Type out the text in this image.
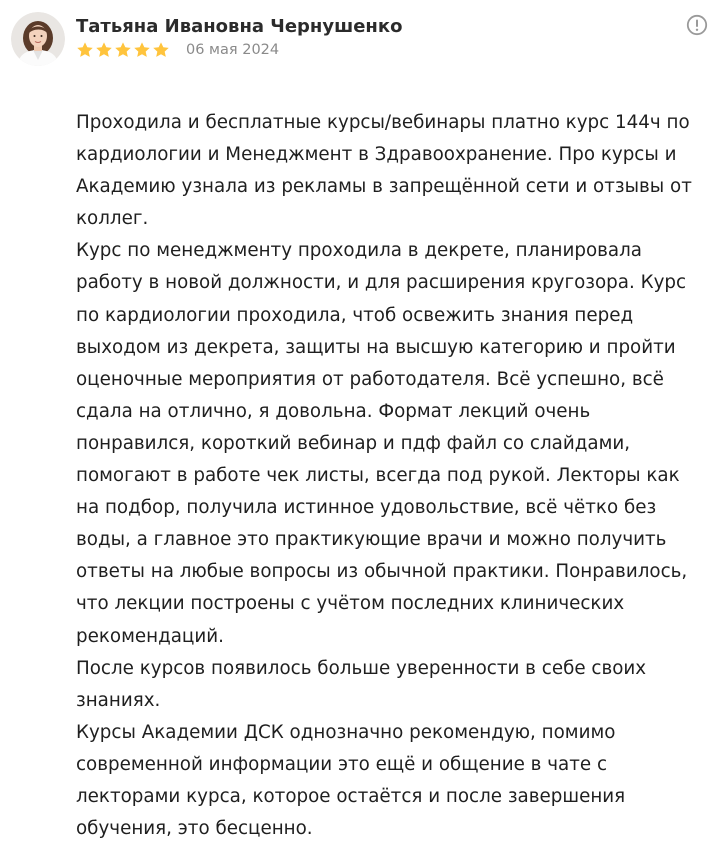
Татьяна Ивановна Чернушенко
06 мая 2024
Проходила и бесплатные курсы/вебинары платно курс 144ч по
кардиологии и Менеджмент в Здравоохранение. Про курсы и
Академию узнала из рекламы в запрещённой сети и отзывы от
коллег.
Курс по менеджменту проходила в декрете, планировала
работу в новой должности, и для расширения кругозора. Курс
по кардиологии проходила, чтоб освежить знания перед
выходом из декрета, защиты на высшую категорию и пройти
оценочные мероприятия от работодателя. Всё успешно, всё
сдала на отлично, я довольна. Формат лекций очень
понравился, короткий вебинар и пдф файл со слайдами,
помогают в работе чек листы, всегда под рукой. Лекторы как
на подбор, получила истинное удовольствие, всё чётко без
воды, а главное это практикующие врачи и можно получить
ответы на любые вопросы из обычной практики. Понравилось,
что лекции построены с учётом последних клинических
рекомендаций.
После курсов появилось больше уверенности в себе своих
знаниях.
Курсы Академии ДСК однозначно рекомендую, помимо
современной информации это ещё и общение в чате с
лекторами курса, которое остаётся и после завершения
обучения, это бесценно.
